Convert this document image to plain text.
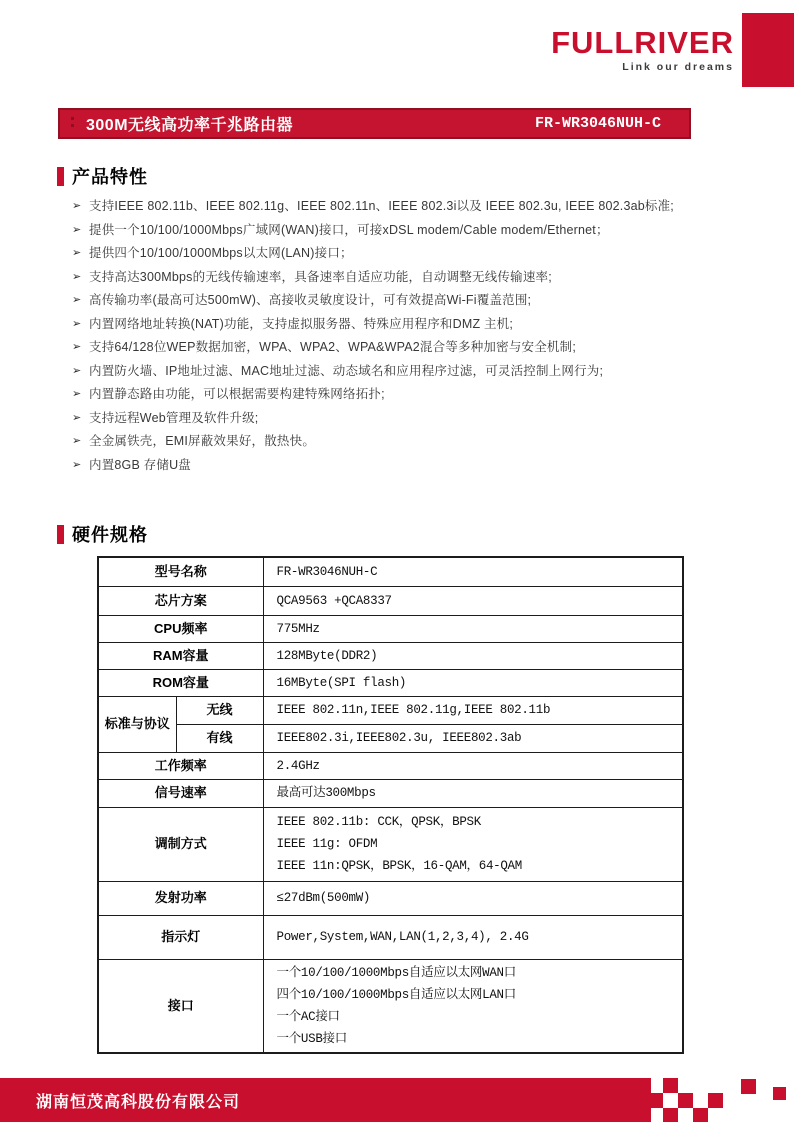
FULLRIVER
Link our dreams
300M无线高功率千兆路由器	FR-WR3046NUH-C
产品特性
➢ 支持IEEE 802.11b、IEEE 802.11g、IEEE 802.11n、IEEE 802.3i以及 IEEE 802.3u, IEEE 802.3ab标准;
➢ 提供一个10/100/1000Mbps广域网(WAN)接口，可接xDSL modem/Cable modem/Ethernet；
➢ 提供四个10/100/1000Mbps以太网(LAN)接口；
➢ 支持高达300Mbps的无线传输速率，具备速率自适应功能，自动调整无线传输速率;
➢ 高传输功率(最高可达500mW)、高接收灵敏度设计，可有效提高Wi-Fi覆盖范围;
➢ 内置网络地址转换(NAT)功能，支持虚拟服务器、特殊应用程序和DMZ 主机;
➢ 支持64/128位WEP数据加密，WPA、WPA2、WPA&WPA2混合等多种加密与安全机制;
➢ 内置防火墙、IP地址过滤、MAC地址过滤、动态域名和应用程序过滤，可灵活控制上网行为;
➢ 内置静态路由功能，可以根据需要构建特殊网络拓扑;
➢ 支持远程Web管理及软件升级;
➢ 全金属铁壳，EMI屏蔽效果好，散热快。
➢ 内置8GB 存储U盘
硬件规格
型号名称		FR-WR3046NUH-C
芯片方案		QCA9563 +QCA8337
CPU频率		775MHz
RAM容量		128MByte(DDR2)
ROM容量		16MByte(SPI flash)
标准与协议	无线	IEEE 802.11n,IEEE 802.11g,IEEE 802.11b
	有线	IEEE802.3i,IEEE802.3u, IEEE802.3ab
工作频率		2.4GHz
信号速率		最高可达300Mbps
调制方式		IEEE 802.11b: CCK，QPSK，BPSK
IEEE 11g: OFDM
IEEE 11n:QPSK，BPSK，16-QAM，64-QAM

发射功率		≤27dBm(500mW)
指示灯		Power,System,WAN,LAN(1,2,3,4), 2.4G
接口		一个10/100/1000Mbps自适应以太网WAN口
四个10/100/1000Mbps自适应以太网LAN口
一个AC接口
一个USB接口
湖南恒茂高科股份有限公司
